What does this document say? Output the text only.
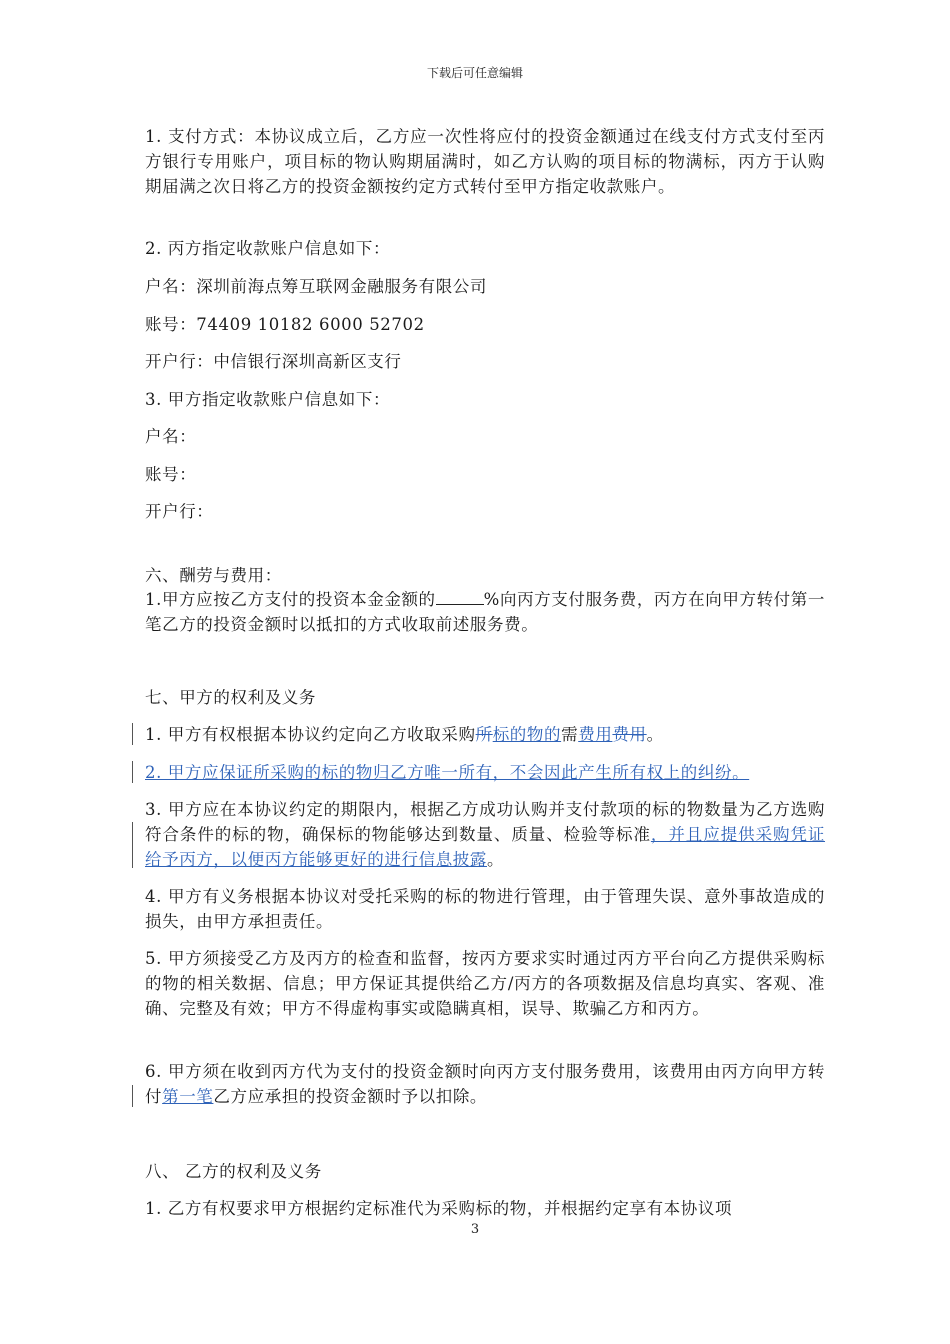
下载后可任意编辑
1. 支付方式：本协议成立后，乙方应一次性将应付的投资金额通过在线支付方式支付至丙方银行专用账户，项目标的物认购期届满时，如乙方认购的项目标的物满标，丙方于认购期届满之次日将乙方的投资金额按约定方式转付至甲方指定收款账户。
2. 丙方指定收款账户信息如下：
户名：深圳前海点筹互联网金融服务有限公司
账号：74409 10182 6000 52702
开户行：中信银行深圳高新区支行
3. 甲方指定收款账户信息如下：
户名：
账号：
开户行：
六、酬劳与费用：
1.甲方应按乙方支付的投资本金金额的	%向丙方支付服务费，丙方在向甲方转付第一笔乙方的投资金额时以抵扣的方式收取前述服务费。
七、甲方的权利及义务
1. 甲方有权根据本协议约定向乙方收取采购所标的物的需费用费用。
2. 甲方应保证所采购的标的物归乙方唯一所有，不会因此产生所有权上的纠纷。
3. 甲方应在本协议约定的期限内，根据乙方成功认购并支付款项的标的物数量为乙方选购符合条件的标的物，确保标的物能够达到数量、质量、检验等标准，并且应提供采购凭证给予丙方，以便丙方能够更好的进行信息披露。
4. 甲方有义务根据本协议对受托采购的标的物进行管理，由于管理失误、意外事故造成的损失，由甲方承担责任。
5. 甲方须接受乙方及丙方的检查和监督，按丙方要求实时通过丙方平台向乙方提供采购标的物的相关数据、信息；甲方保证其提供给乙方/丙方的各项数据及信息均真实、客观、准确、完整及有效；甲方不得虚构事实或隐瞒真相，误导、欺骗乙方和丙方。
6. 甲方须在收到丙方代为支付的投资金额时向丙方支付服务费用，该费用由丙方向甲方转付第一笔乙方应承担的投资金额时予以扣除。
八、 乙方的权利及义务
1. 乙方有权要求甲方根据约定标准代为采购标的物，并根据约定享有本协议项
3
